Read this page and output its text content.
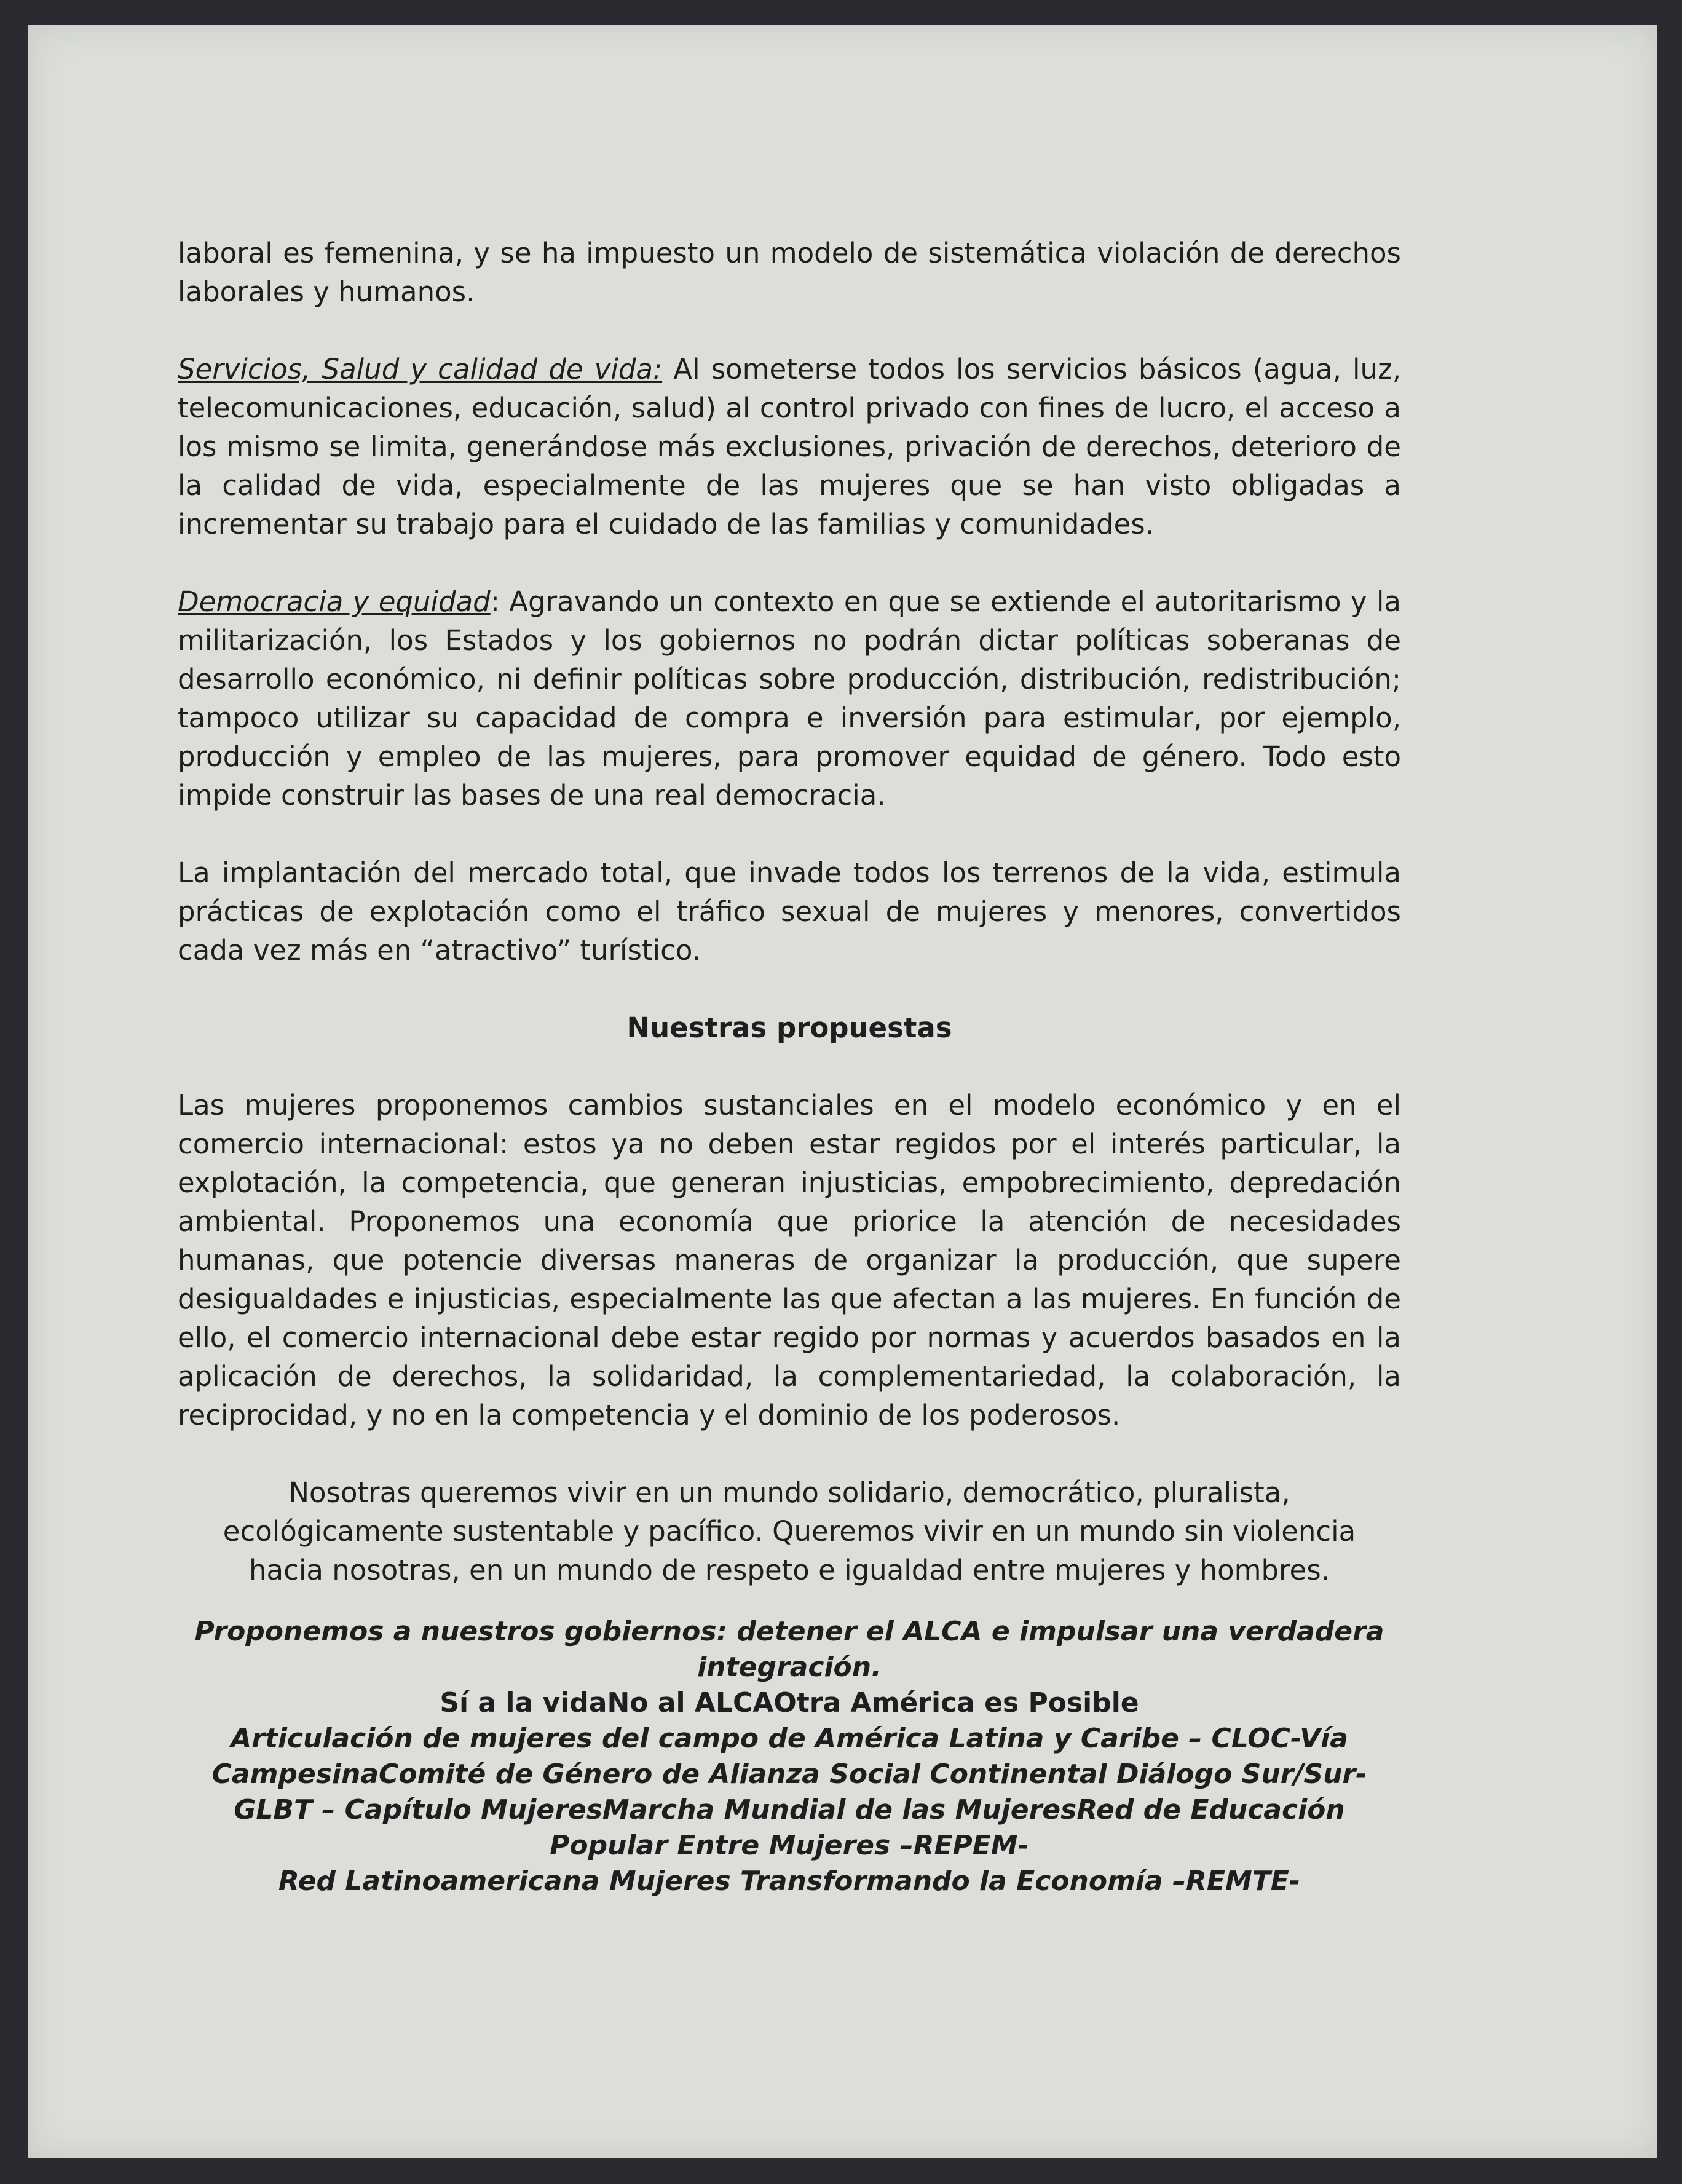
laboral es femenina, y se ha impuesto un modelo de sistemática violación de derechos laborales y humanos.

Servicios, Salud y calidad de vida: Al someterse todos los servicios básicos (agua, luz, telecomunicaciones, educación, salud) al control privado con fines de lucro, el acceso a los mismo se limita, generándose más exclusiones, privación de derechos, deterioro de la calidad de vida, especialmente de las mujeres que se han visto obligadas a incrementar su trabajo para el cuidado de las familias y comunidades.

Democracia y equidad: Agravando un contexto en que se extiende el autoritarismo y la militarización, los Estados y los gobiernos no podrán dictar políticas soberanas de desarrollo económico, ni definir políticas sobre producción, distribución, redistribución; tampoco utilizar su capacidad de compra e inversión para estimular, por ejemplo, producción y empleo de las mujeres, para promover equidad de género. Todo esto impide construir las bases de una real democracia.

La implantación del mercado total, que invade todos los terrenos de la vida, estimula prácticas de explotación como el tráfico sexual de mujeres y menores, convertidos cada vez más en “atractivo” turístico.

Nuestras propuestas

Las mujeres proponemos cambios sustanciales en el modelo económico y en el comercio internacional: estos ya no deben estar regidos por el interés particular, la explotación, la competencia, que generan injusticias, empobrecimiento, depredación ambiental. Proponemos una economía que priorice la atención de necesidades humanas, que potencie diversas maneras de organizar la producción, que supere desigualdades e injusticias, especialmente las que afectan a las mujeres. En función de ello, el comercio internacional debe estar regido por normas y acuerdos basados en la aplicación de derechos, la solidaridad, la complementariedad, la colaboración, la reciprocidad, y no en la competencia y el dominio de los poderosos.

Nosotras queremos vivir en un mundo solidario, democrático, pluralista, ecológicamente sustentable y pacífico. Queremos vivir en un mundo sin violencia hacia nosotras, en un mundo de respeto e igualdad entre mujeres y hombres.

Proponemos a nuestros gobiernos: detener el ALCA e impulsar una verdadera integración.
Sí a la vidaNo al ALCAOtra América es Posible
Articulación de mujeres del campo de América Latina y Caribe – CLOC-Vía CampesinaComité de Género de Alianza Social Continental Diálogo Sur/Sur-GLBT – Capítulo MujeresMarcha Mundial de las MujeresRed de Educación Popular Entre Mujeres –REPEM-
Red Latinoamericana Mujeres Transformando la Economía –REMTE-
